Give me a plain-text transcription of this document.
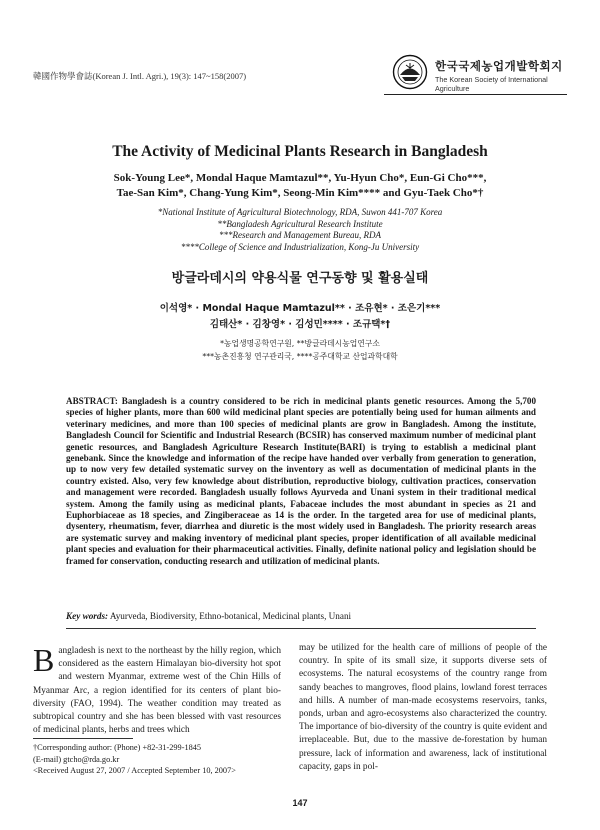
韓國作物學會誌(Korean J. Intl. Agri.), 19(3): 147~158(2007)
한국국제농업개발학회지
The Korean Society of International
Agriculture
The Activity of Medicinal Plants Research in Bangladesh
Sok-Young Lee*, Mondal Haque Mamtazul**, Yu-Hyun Cho*, Eun-Gi Cho***,
Tae-San Kim*, Chang-Yung Kim*, Seong-Min Kim**** and Gyu-Taek Cho*†
*National Institute of Agricultural Biotechnology, RDA, Suwon 441-707 Korea
**Bangladesh Agricultural Research Institute
***Research and Management Bureau, RDA
****College of Science and Industrialization, Kong-Ju University
방글라데시의 약용식물 연구동향 및 활용실태
이석영* · Mondal Haque Mamtazul** · 조유현* · 조은기***
김태산* · 김창영* · 김성민**** · 조규택*†
*농업생명공학연구원, **방글라데시농업연구소
***농촌진흥청 연구관리국, ****공주대학교 산업과학대학
ABSTRACT: Bangladesh is a country considered to be rich in medicinal plants genetic resources. Among the 5,700 species of higher plants, more than 600 wild medicinal plant species are potentially being used for human ailments and veterinary medicines, and more than 100 species of medicinal plants are grow in Bangladesh. Among the institute, Bangladesh Council for Scientific and Industrial Research (BCSIR) has conserved maximum number of medicinal plant genetic resources, and Bangladesh Agriculture Research Institute(BARI) is trying to establish a medicinal plant genebank. Since the knowledge and information of the recipe have handed over verbally from generation to generation, up to now very few detailed systematic survey on the inventory as well as documentation of medicinal plants in the country existed. Also, very few knowledge about distribution, reproductive biology, cultivation practices, conservation and management were recorded. Bangladesh usually follows Ayurveda and Unani system in their traditional medical system. Among the family using as medicinal plants, Fabaceae includes the most abundant in species as 21 and Euphorbiaceae as 18 species, and Zingiberaceae as 14 is the order. In the targeted area for use of medicinal plants, dysentery, rheumatism, fever, diarrhea and diuretic is the most widely used in Bangladesh. The priority research areas are systematic survey and making inventory of medicinal plant species, proper identification of all available medicinal plant species and evaluation for their pharmaceutical activities. Finally, definite national policy and legislation should be framed for conservation, conducting research and utilization of medicinal plants.
Key words: Ayurveda, Biodiversity, Ethno-botanical, Medicinal plants, Unani
Bangladesh is next to the northeast by the hilly region, which considered as the eastern Himalayan bio-diversity hot spot and western Myanmar, extreme west of the Chin Hills of Myanmar Arc, a region identified for its centers of plant bio-diversity (FAO, 1994). The weather condition may treated as subtropical country and she has been blessed with vast resources of medicinal plants, herbs and trees which
may be utilized for the health care of millions of people of the country. In spite of its small size, it supports diverse sets of ecosystems. The natural ecosystems of the country range from sandy beaches to mangroves, flood plains, lowland forest terraces and hills. A number of man-made ecosystems reservoirs, tanks, ponds, urban and agro-ecosystems also characterized the country. The importance of bio-diversity of the country is quite evident and irreplaceable. But, due to the massive de-forestation by human pressure, lack of information and awareness, lack of institutional capacity, gaps in pol-
†Corresponding author: (Phone) +82-31-299-1845
(E-mail) gtcho@rda.go.kr
<Received August 27, 2007 / Accepted September 10, 2007>
147
